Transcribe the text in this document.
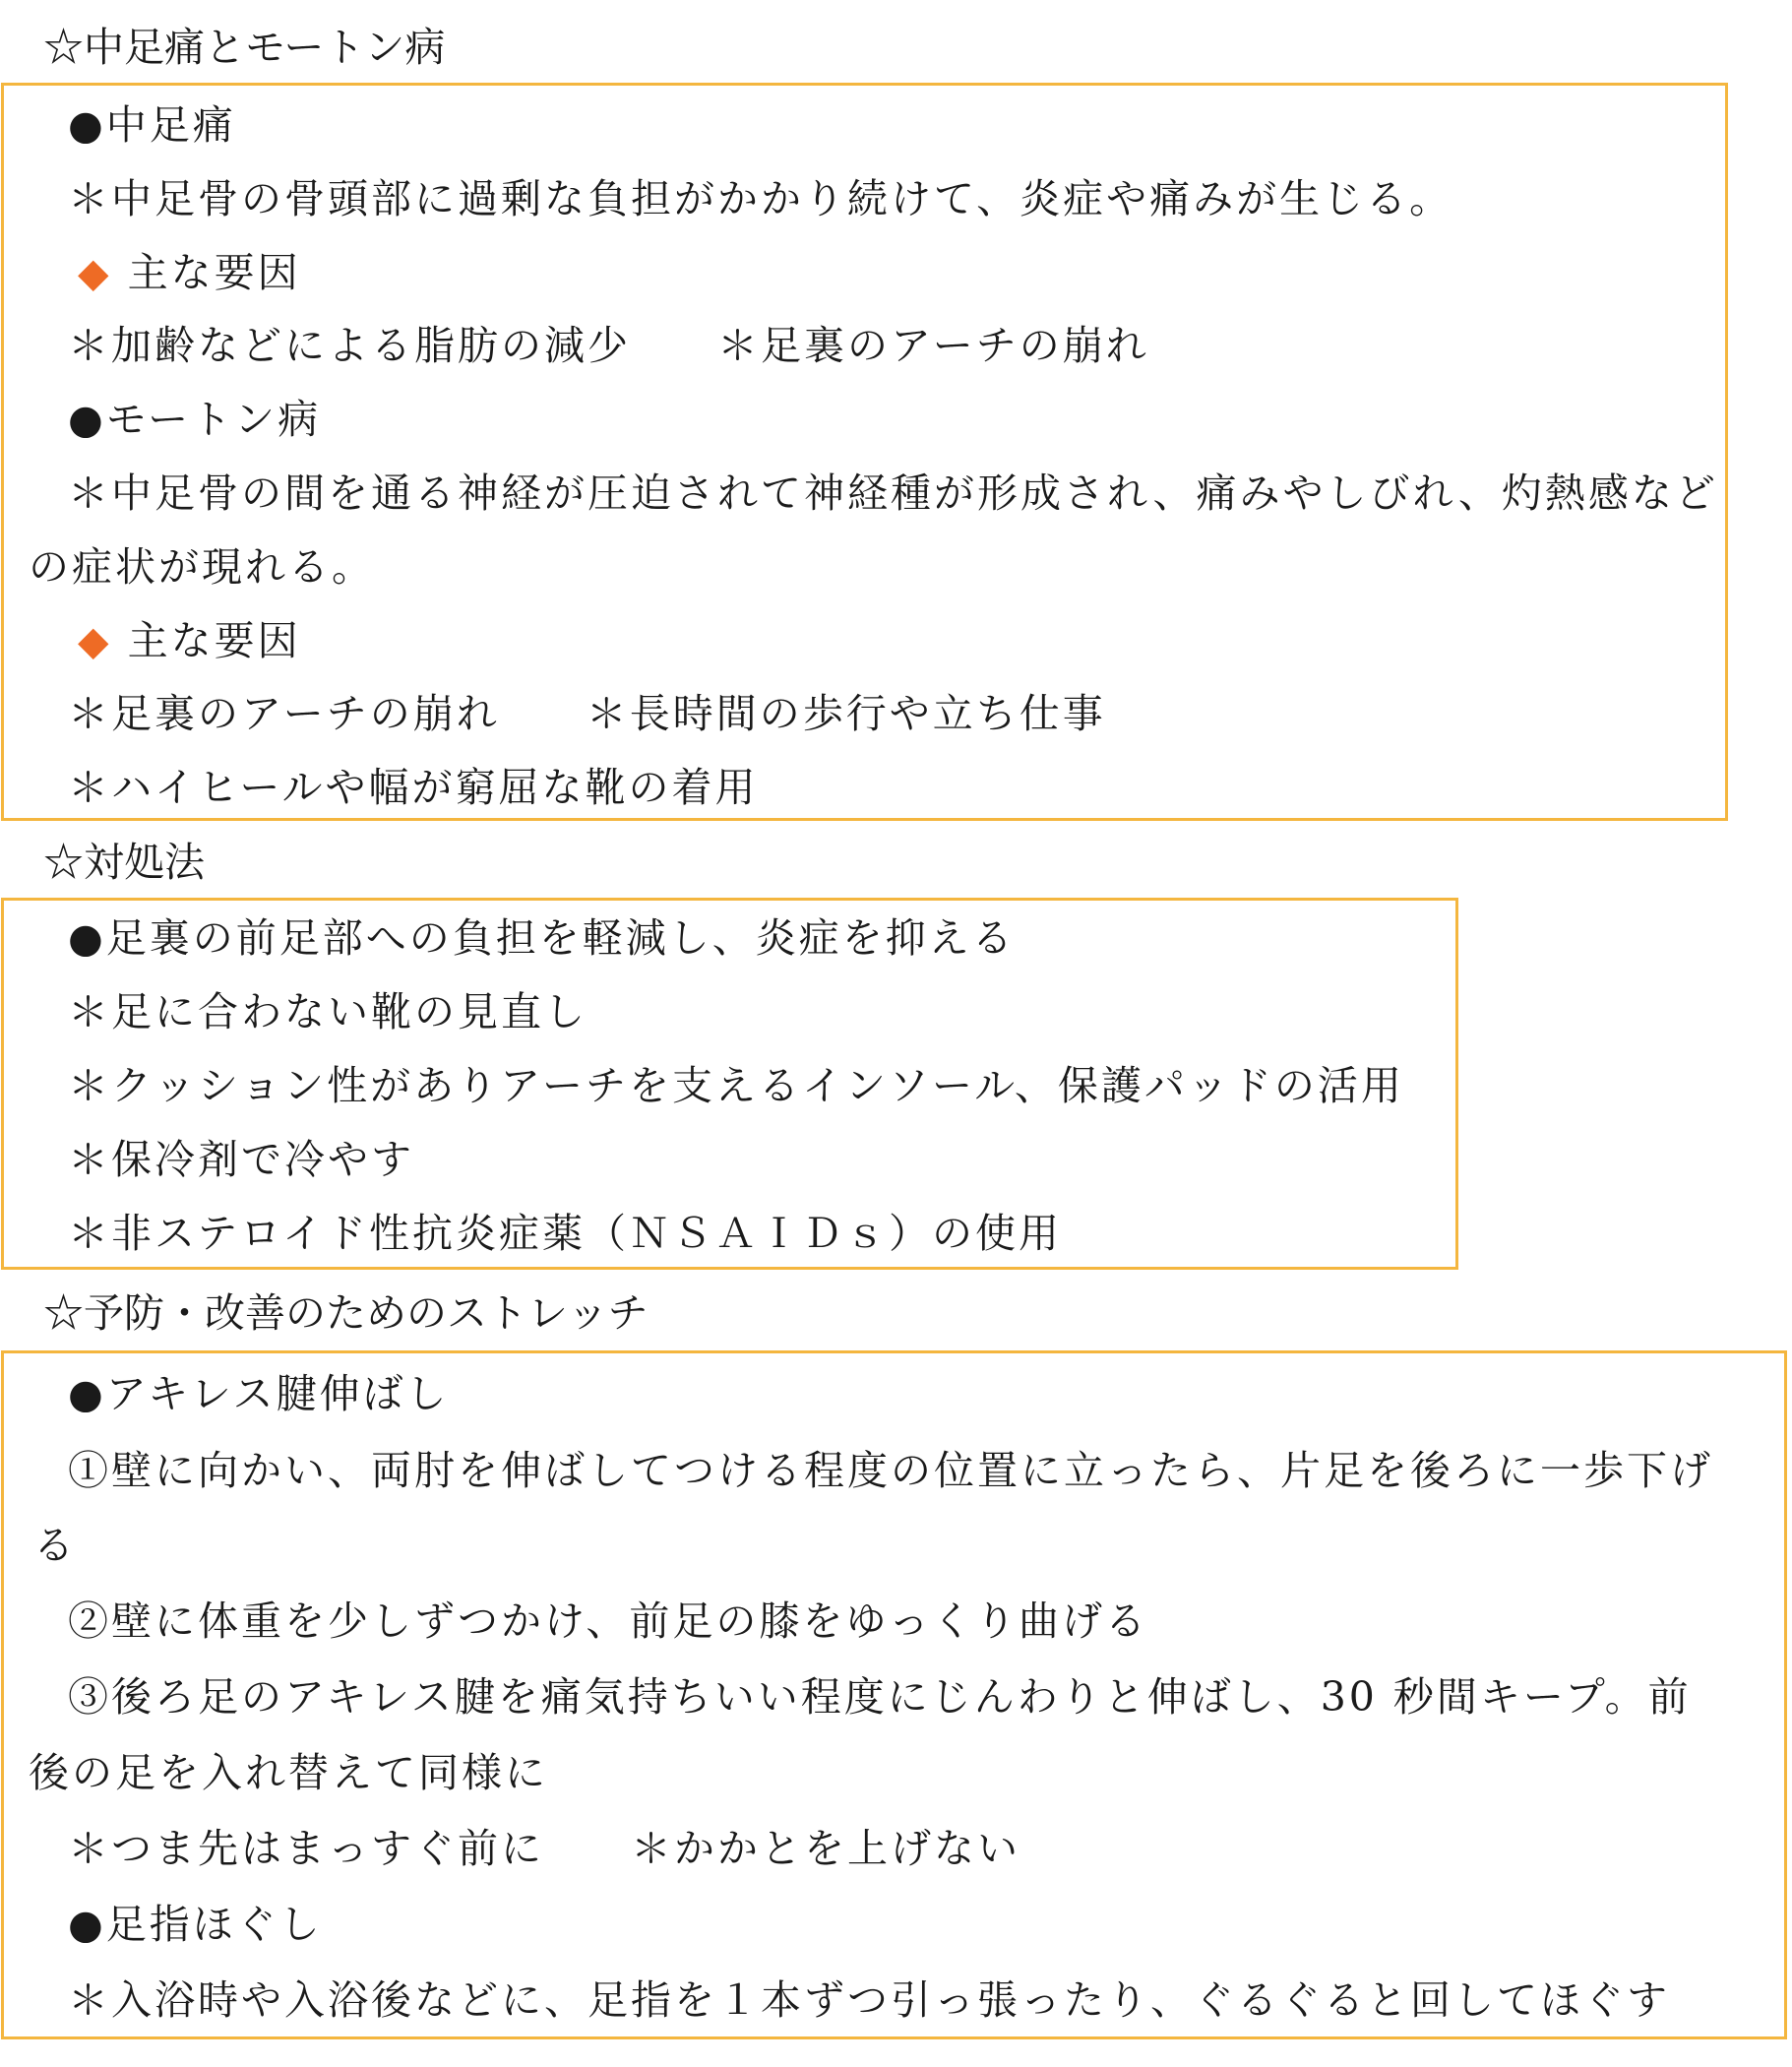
☆中足痛とモートン病

●中足痛

＊中足骨の骨頭部に過剰な負担がかかり続けて、炎症や痛みが生じる。

◆ 主な要因

＊加齢などによる脂肪の減少　　＊足裏のアーチの崩れ

●モートン病

＊中足骨の間を通る神経が圧迫されて神経種が形成され、痛みやしびれ、灼熱感など

の症状が現れる。

◆ 主な要因

＊足裏のアーチの崩れ　　＊長時間の歩行や立ち仕事

＊ハイヒールや幅が窮屈な靴の着用

☆対処法

●足裏の前足部への負担を軽減し、炎症を抑える

＊足に合わない靴の見直し

＊クッション性がありアーチを支えるインソール、保護パッドの活用

＊保冷剤で冷やす

＊非ステロイド性抗炎症薬（ＮＳＡＩＤｓ）の使用

☆予防・改善のためのストレッチ

●アキレス腱伸ばし

①壁に向かい、両肘を伸ばしてつける程度の位置に立ったら、片足を後ろに一歩下げ

る

②壁に体重を少しずつかけ、前足の膝をゆっくり曲げる

③後ろ足のアキレス腱を痛気持ちいい程度にじんわりと伸ばし、30 秒間キープ。前

後の足を入れ替えて同様に

＊つま先はまっすぐ前に　　＊かかとを上げない

●足指ほぐし

＊入浴時や入浴後などに、足指を１本ずつ引っ張ったり、ぐるぐると回してほぐす
